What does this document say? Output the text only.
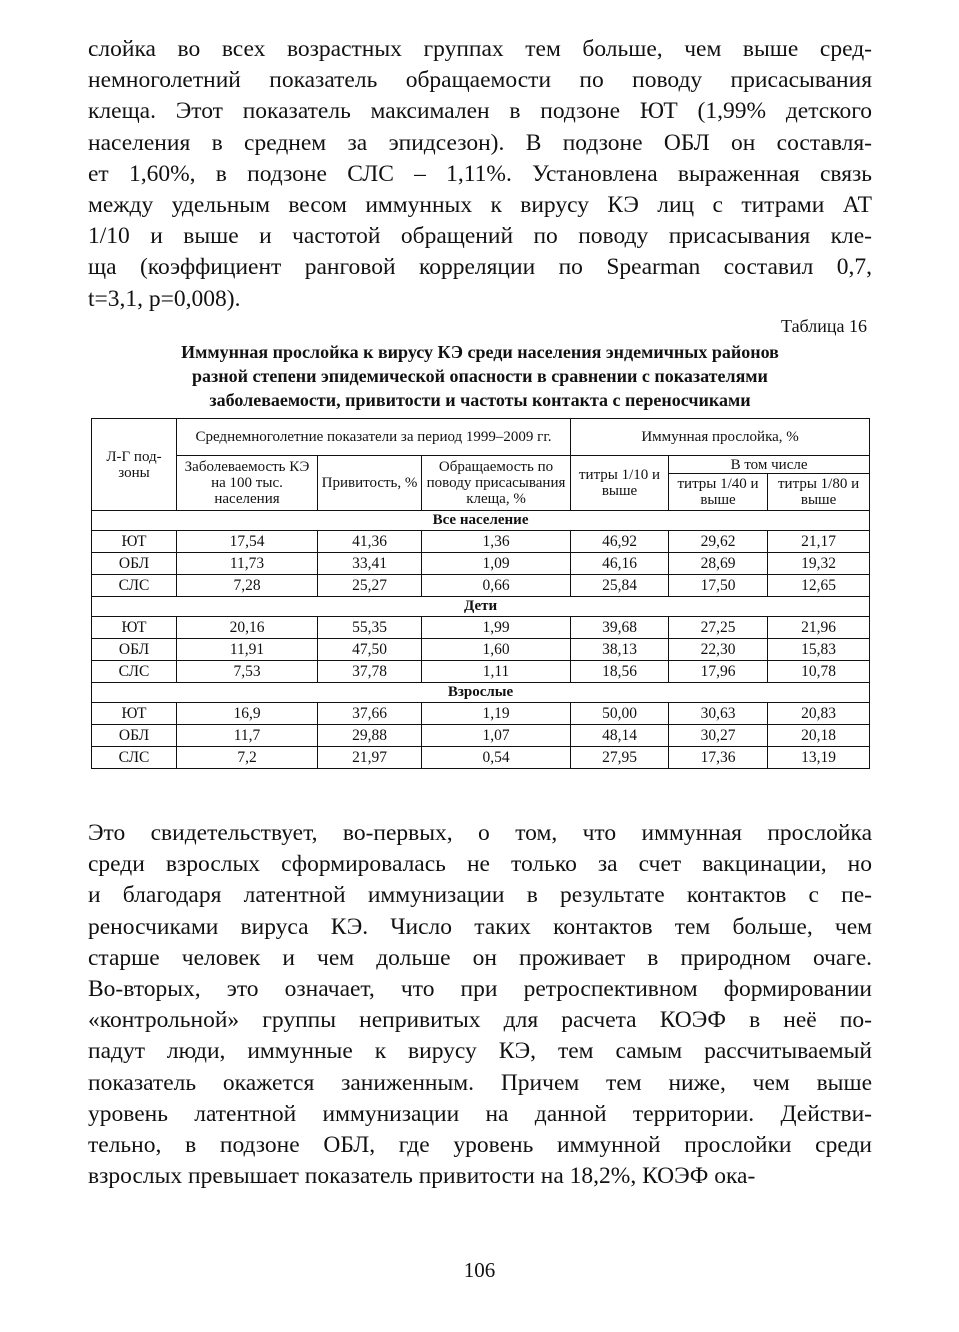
слойка во всех возрастных группах тем больше, чем выше сред-
немноголетний показатель обращаемости по поводу присасывания
клеща. Этот показатель максимален в подзоне ЮТ (1,99% детского
населения в среднем за эпидсезон). В подзоне ОБЛ он составля-
ет 1,60%, в подзоне СЛС – 1,11%. Установлена выраженная связь
между удельным весом иммунных к вирусу КЭ лиц с титрами АТ
1/10 и выше и частотой обращений по поводу присасывания кле-
ща (коэффициент ранговой корреляции по Spearman составил 0,7,
t=3,1, p=0,008).

Таблица 16
Иммунная прослойка к вирусу КЭ среди населения эндемичных районов
разной степени эпидемической опасности в сравнении с показателями
заболеваемости, привитости и частоты контакта с переносчиками
Л-Г под-зоны	Среднемноголетние показатели за период 1999–2009 гг.			Иммунная прослойка, %		
	Заболеваемость КЭ на 100 тыс. населения	Привитость, %	Обращаемость по поводу присасывания клеща, %	титры 1/10 и выше	В том числе	
					титры 1/40 и выше	титры 1/80 и выше
Все население						
ЮТ	17,54	41,36	1,36	46,92	29,62	21,17
ОБЛ	11,73	33,41	1,09	46,16	28,69	19,32
СЛС	7,28	25,27	0,66	25,84	17,50	12,65
Дети						
ЮТ	20,16	55,35	1,99	39,68	27,25	21,96
ОБЛ	11,91	47,50	1,60	38,13	22,30	15,83
СЛС	7,53	37,78	1,11	18,56	17,96	10,78
Взрослые						
ЮТ	16,9	37,66	1,19	50,00	30,63	20,83
ОБЛ	11,7	29,88	1,07	48,14	30,27	20,18
СЛС	7,2	21,97	0,54	27,95	17,36	13,19

Это свидетельствует, во-первых, о том, что иммунная прослойка
среди взрослых сформировалась не только за счет вакцинации, но
и благодаря латентной иммунизации в результате контактов с пе-
реносчиками вируса КЭ. Число таких контактов тем больше, чем
старше человек и чем дольше он проживает в природном очаге.
Во-вторых, это означает, что при ретроспективном формировании
«контрольной» группы непривитых для расчета КОЭФ в неё по-
падут люди, иммунные к вирусу КЭ, тем самым рассчитываемый
показатель окажется заниженным. Причем тем ниже, чем выше
уровень латентной иммунизации на данной территории. Действи-
тельно, в подзоне ОБЛ, где уровень иммунной прослойки среди
взрослых превышает показатель привитости на 18,2%, КОЭФ ока-

106
